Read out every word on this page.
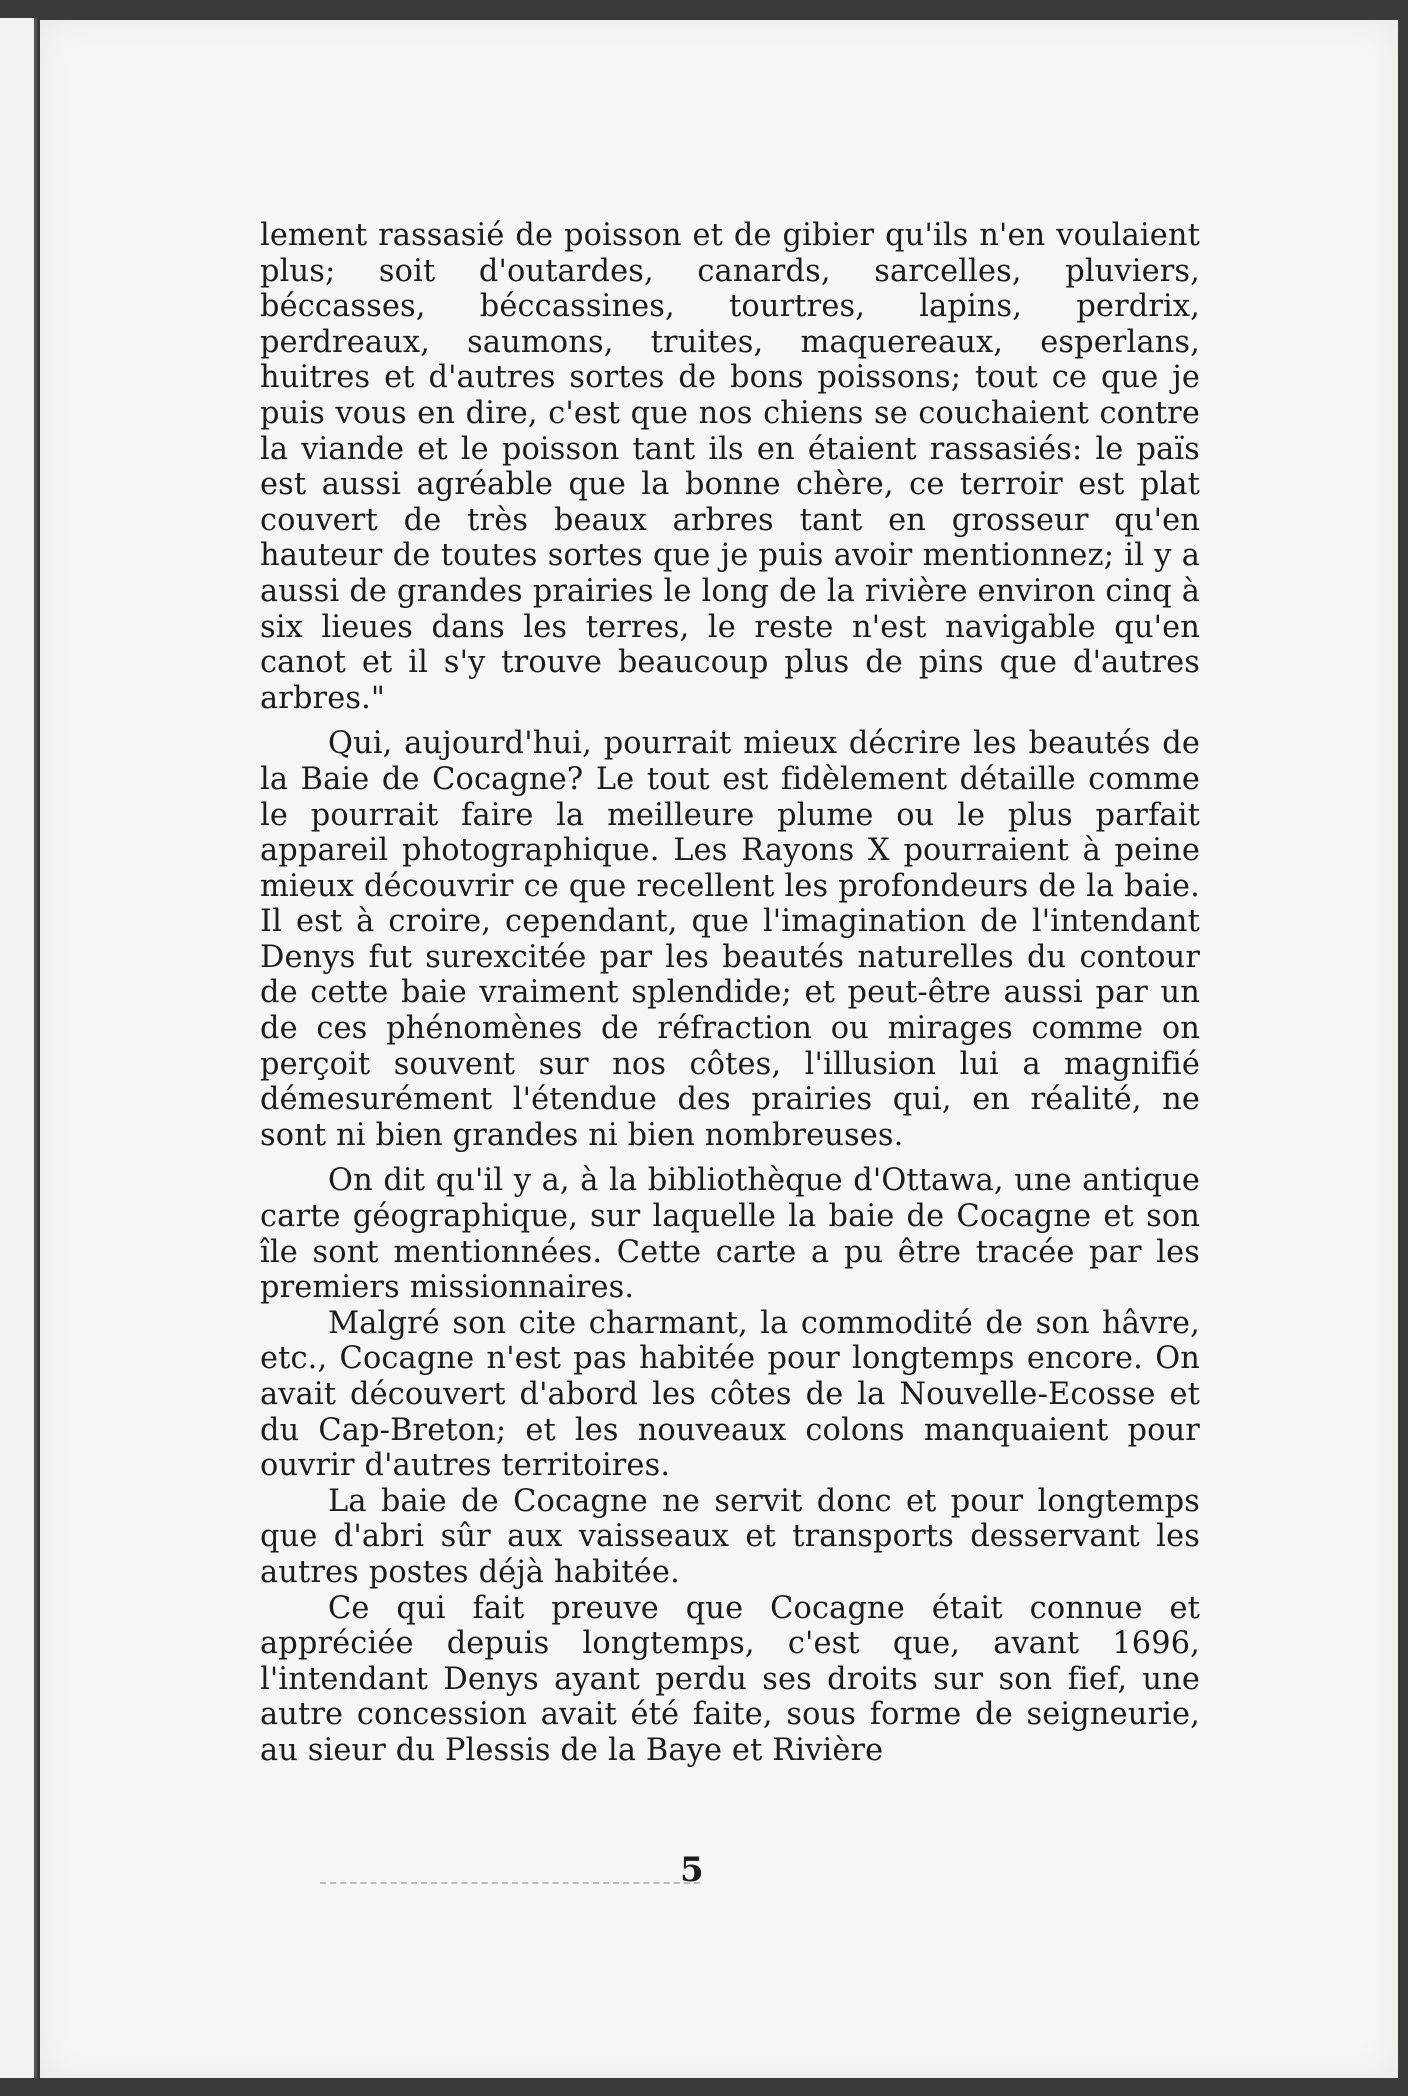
lement rassasié de poisson et de gibier qu'ils n'en voulaient plus; soit d'outardes, canards, sarcelles, pluviers, béccasses, béccassines, tourtres, lapins, perdrix, perdreaux, saumons, truites, maquereaux, esperlans, huitres et d'autres sortes de bons poissons; tout ce que je puis vous en dire, c'est que nos chiens se couchaient contre la viande et le poisson tant ils en étaient rassasiés: le païs est aussi agréable que la bonne chère, ce terroir est plat couvert de très beaux arbres tant en grosseur qu'en hauteur de toutes sortes que je puis avoir mentionnez; il y a aussi de grandes prairies le long de la rivière environ cinq à six lieues dans les terres, le reste n'est navigable qu'en canot et il s'y trouve beaucoup plus de pins que d'autres arbres."

Qui, aujourd'hui, pourrait mieux décrire les beautés de la Baie de Cocagne? Le tout est fidèlement détaille comme le pourrait faire la meilleure plume ou le plus parfait appareil photographique. Les Rayons X pourraient à peine mieux découvrir ce que recellent les profondeurs de la baie. Il est à croire, cependant, que l'imagination de l'intendant Denys fut surexcitée par les beautés naturelles du contour de cette baie vraiment splendide; et peut-être aussi par un de ces phénomènes de réfraction ou mirages comme on perçoit souvent sur nos côtes, l'illusion lui a magnifié démesurément l'étendue des prairies qui, en réalité, ne sont ni bien grandes ni bien nombreuses.

On dit qu'il y a, à la bibliothèque d'Ottawa, une antique carte géographique, sur laquelle la baie de Cocagne et son île sont mentionnées. Cette carte a pu être tracée par les premiers missionnaires.

Malgré son cite charmant, la commodité de son hâvre, etc., Cocagne n'est pas habitée pour longtemps encore. On avait découvert d'abord les côtes de la Nouvelle-Ecosse et du Cap-Breton; et les nouveaux colons manquaient pour ouvrir d'autres territoires.

La baie de Cocagne ne servit donc et pour longtemps que d'abri sûr aux vaisseaux et transports desservant les autres postes déjà habitée.

Ce qui fait preuve que Cocagne était connue et appréciée depuis longtemps, c'est que, avant 1696, l'intendant Denys ayant perdu ses droits sur son fief, une autre concession avait été faite, sous forme de seigneurie, au sieur du Plessis de la Baye et Rivière

5
